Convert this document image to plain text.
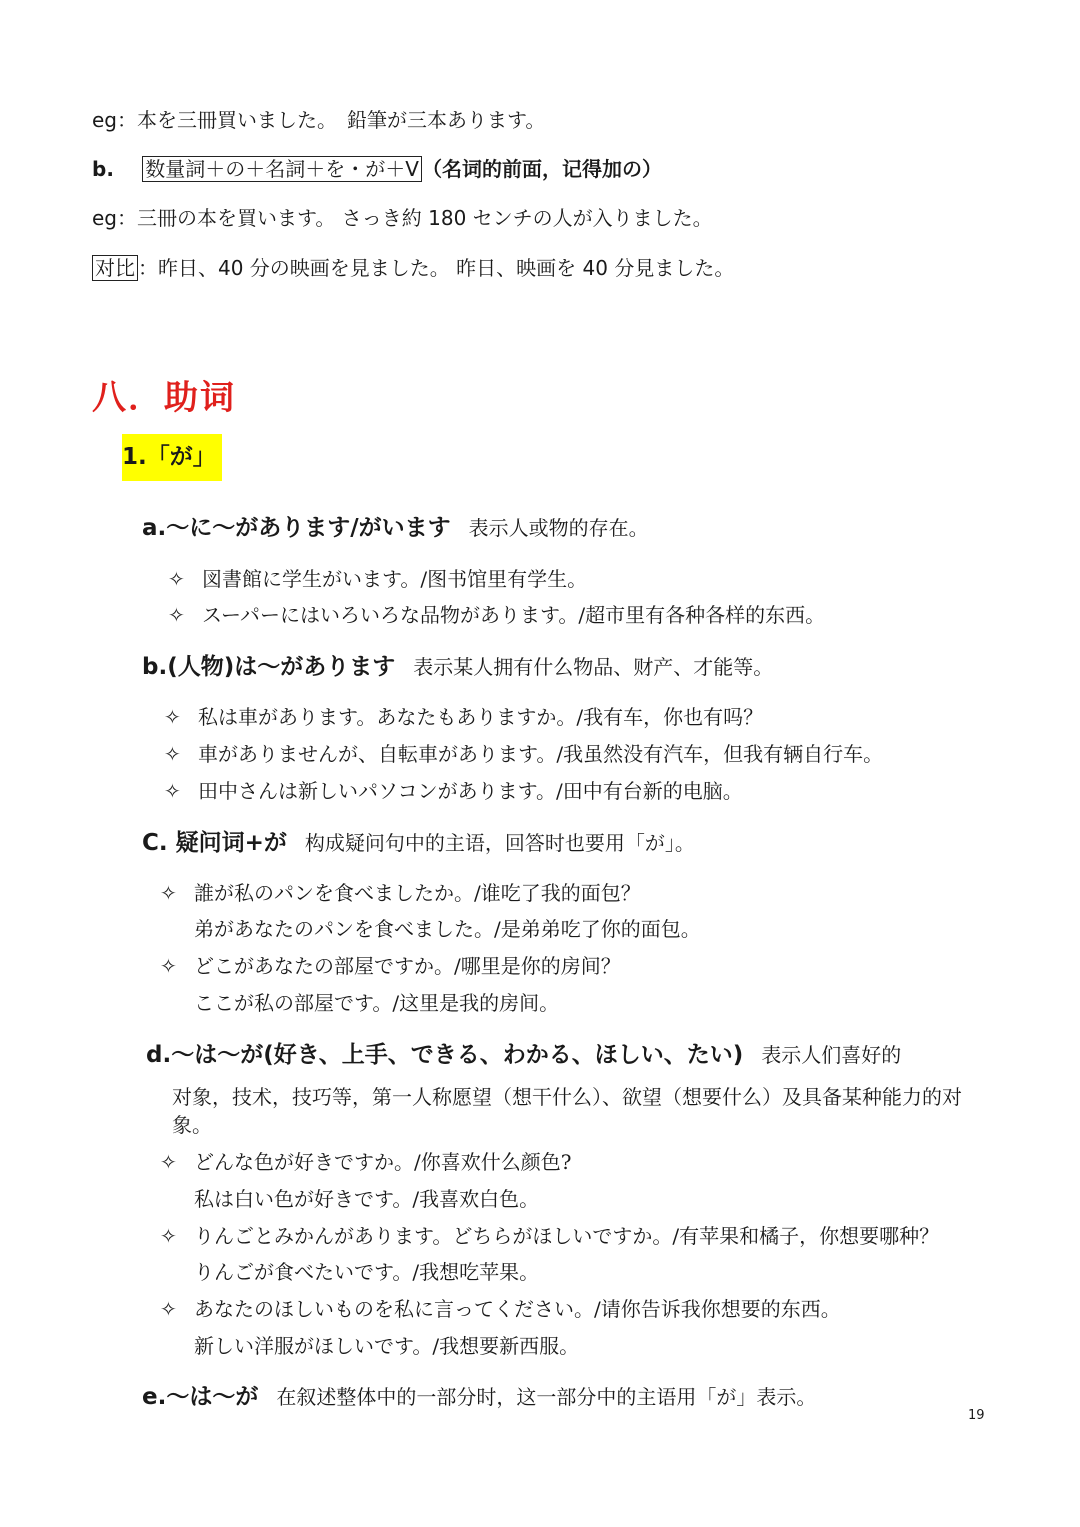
eg：本を三冊買いました。　鉛筆が三本あります。
b. 数量詞＋の＋名詞＋を・が＋V （名词的前面，记得加の）
eg：三冊の本を買います。 さっき約 180 センチの人が入りました。
对比 ：昨日、40 分の映画を見ました。 昨日、映画を 40 分見ました。
八．助词
1.「が」
a.～に～があります/がいます 表示人或物的存在。
✧ 図書館に学生がいます。/图书馆里有学生。
✧ スーパーにはいろいろな品物があります。/超市里有各种各样的东西。
b.(人物)は～があります 表示某人拥有什么物品、财产、才能等。
✧ 私は車があります。あなたもありますか。/我有车，你也有吗？
✧ 車がありませんが、自転車があります。/我虽然没有汽车，但我有辆自行车。
✧ 田中さんは新しいパソコンがあります。/田中有台新的电脑。
C. 疑问词+が 构成疑问句中的主语，回答时也要用「が」。
✧ 誰が私のパンを食べましたか。/谁吃了我的面包？
弟があなたのパンを食べました。/是弟弟吃了你的面包。
✧ どこがあなたの部屋ですか。/哪里是你的房间？
ここが私の部屋です。/这里是我的房间。
d.～は～が(好き、上手、できる、わかる、ほしい、たい) 表示人们喜好的
对象，技术，技巧等，第一人称愿望（想干什么）、欲望（想要什么）及具备某种能力的对象。
✧ どんな色が好きですか。/你喜欢什么颜色?
私は白い色が好きです。/我喜欢白色。
✧ りんごとみかんがあります。どちらがほしいですか。/有苹果和橘子，你想要哪种？
りんごが食べたいです。/我想吃苹果。
✧ あなたのほしいものを私に言ってください。/请你告诉我你想要的东西。
新しい洋服がほしいです。/我想要新西服。
e.～は～が 在叙述整体中的一部分时，这一部分中的主语用「が」表示。
19
